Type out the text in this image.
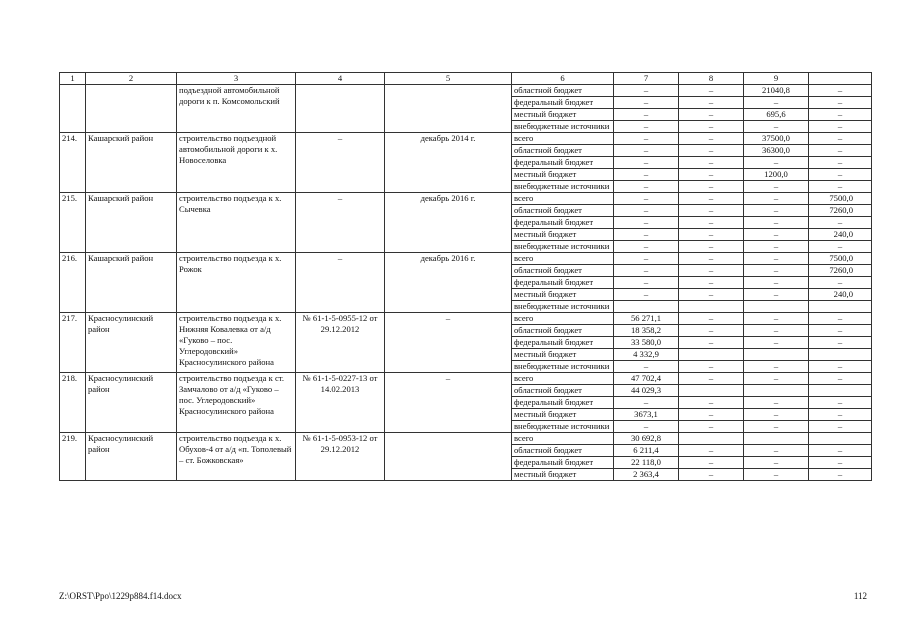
1	2	3	4	5	6	7	8	9	
		подъездной автомобильной дороги к п. Комсомольский			областной бюджет	–	–	21040,8	–
					федеральный бюджет	–	–	–	–
					местный бюджет	–	–	695,6	–
					внебюджетные источники	–	–	–	–
214.	Кашарский район	строительство подъездной автомобильной дороги к х. Новоселовка	–	декабрь 2014 г.	всего	–	–	37500,0	–
					областной бюджет	–	–	36300,0	–
					федеральный бюджет	–	–	–	–
					местный бюджет	–	–	1200,0	–
					внебюджетные источники	–	–	–	–
215.	Кашарский район	строительство подъезда к х. Сычевка	–	декабрь 2016 г.	всего	–	–	–	7500,0
					областной бюджет	–	–	–	7260,0
					федеральный бюджет	–	–	–	–
					местный бюджет	–	–	–	240,0
					внебюджетные источники	–	–	–	–
216.	Кашарский район	строительство подъезда к х. Рожок	–	декабрь 2016 г.	всего	–	–	–	7500,0
					областной бюджет	–	–	–	7260,0
					федеральный бюджет	–	–	–	–
					местный бюджет	–	–	–	240,0
					внебюджетные источники				
217.	Красносулинский район	строительство подъезда к х. Нижняя Ковалевка от а/д «Гуково – пос. Углеродовский» Красносулинского района	№ 61-1-5-0955-12 от 29.12.2012	–	всего	56 271,1	–	–	–
					областной бюджет	18 358,2	–	–	–
					федеральный бюджет	33 580,0	–	–	–
					местный бюджет	4 332,9			
					внебюджетные источники	–	–	–	–
218.	Красносулинский район	строительство подъезда к ст. Замчалово от а/д «Гуково – пос. Углеродовский» Красносулинского района	№ 61-1-5-0227-13 от 14.02.2013	–	всего	47 702,4	–	–	–
					областной бюджет	44 029,3			
					федеральный бюджет	–	–	–	–
					местный бюджет	3673,1	–	–	–
					внебюджетные источники	–	–	–	–
219.	Красносулинский район	строительство подъезда к х. Обухов-4 от а/д «п. Тополевый – ст. Божковская»	№ 61-1-5-0953-12 от 29.12.2012		всего	30 692,8			
					областной бюджет	6 211,4	–	–	–
					федеральный бюджет	22 118,0	–	–	–
					местный бюджет	2 363,4	–	–	–
Z:\ORST\Ppo\1229p884.f14.docx	112
